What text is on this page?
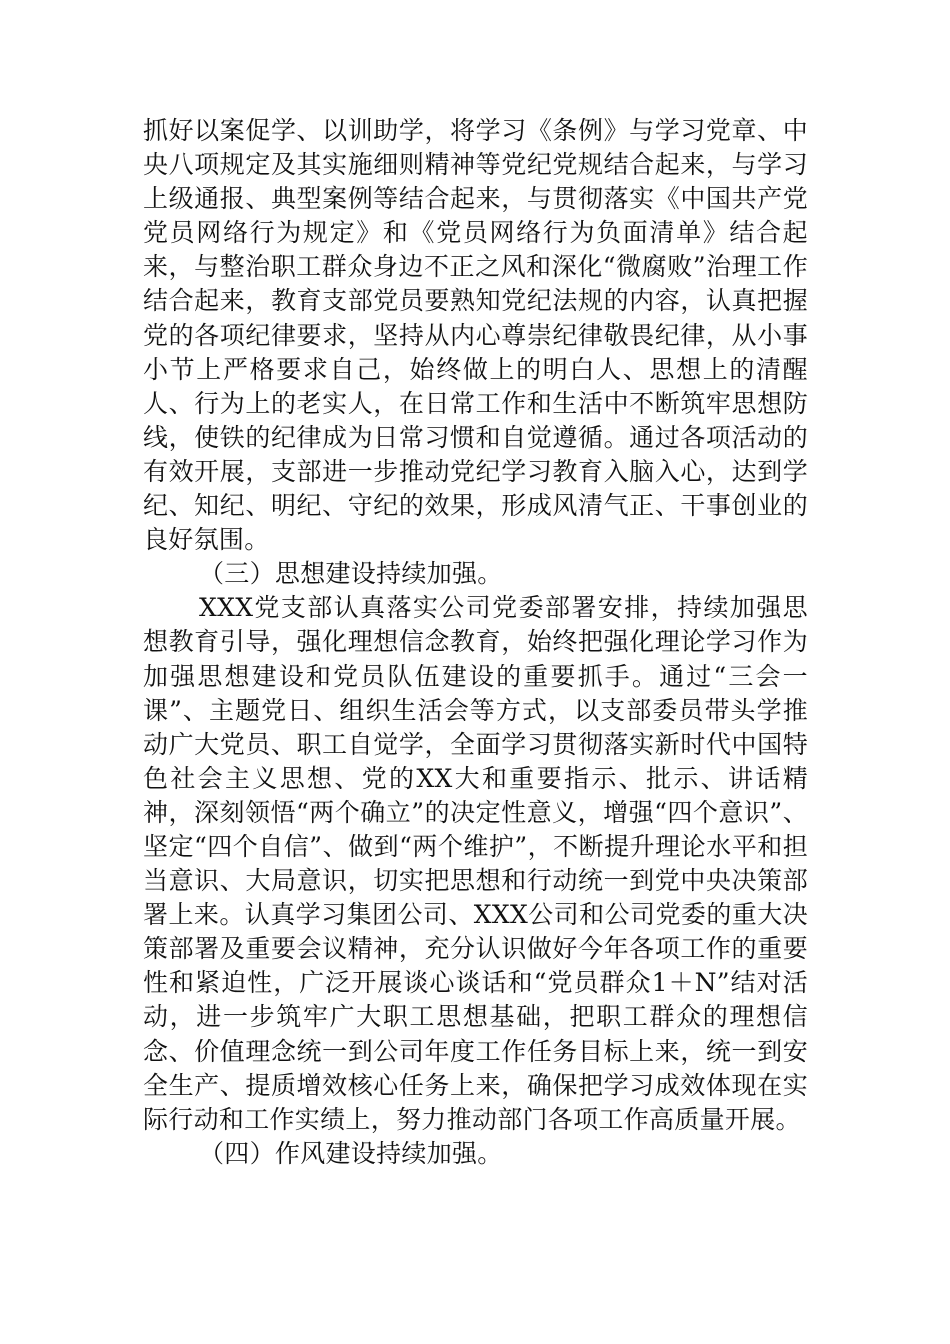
抓好以案促学、以训助学，将学习《条例》与学习党章、中央八项规定及其实施细则精神等党纪党规结合起来，与学习上级通报、典型案例等结合起来，与贯彻落实《中国共产党党员网络行为规定》和《党员网络行为负面清单》结合起来，与整治职工群众身边不正之风和深化“微腐败”治理工作结合起来，教育支部党员要熟知党纪法规的内容，认真把握党的各项纪律要求，坚持从内心尊崇纪律敬畏纪律，从小事小节上严格要求自己，始终做上的明白人、思想上的清醒人、行为上的老实人，在日常工作和生活中不断筑牢思想防线，使铁的纪律成为日常习惯和自觉遵循。通过各项活动的有效开展，支部进一步推动党纪学习教育入脑入心，达到学纪、知纪、明纪、守纪的效果，形成风清气正、干事创业的良好氛围。

（三）思想建设持续加强。

XXX党支部认真落实公司党委部署安排，持续加强思想教育引导，强化理想信念教育，始终把强化理论学习作为加强思想建设和党员队伍建设的重要抓手。通过“三会一课”、主题党日、组织生活会等方式，以支部委员带头学推动广大党员、职工自觉学，全面学习贯彻落实新时代中国特色社会主义思想、党的XX大和重要指示、批示、讲话精神，深刻领悟“两个确立”的决定性意义，增强“四个意识”、坚定“四个自信”、做到“两个维护”，不断提升理论水平和担当意识、大局意识，切实把思想和行动统一到党中央决策部署上来。认真学习集团公司、XXX公司和公司党委的重大决策部署及重要会议精神，充分认识做好今年各项工作的重要性和紧迫性，广泛开展谈心谈话和“党员群众1＋N”结对活动，进一步筑牢广大职工思想基础，把职工群众的理想信念、价值理念统一到公司年度工作任务目标上来，统一到安全生产、提质增效核心任务上来，确保把学习成效体现在实际行动和工作实绩上，努力推动部门各项工作高质量开展。

（四）作风建设持续加强。
